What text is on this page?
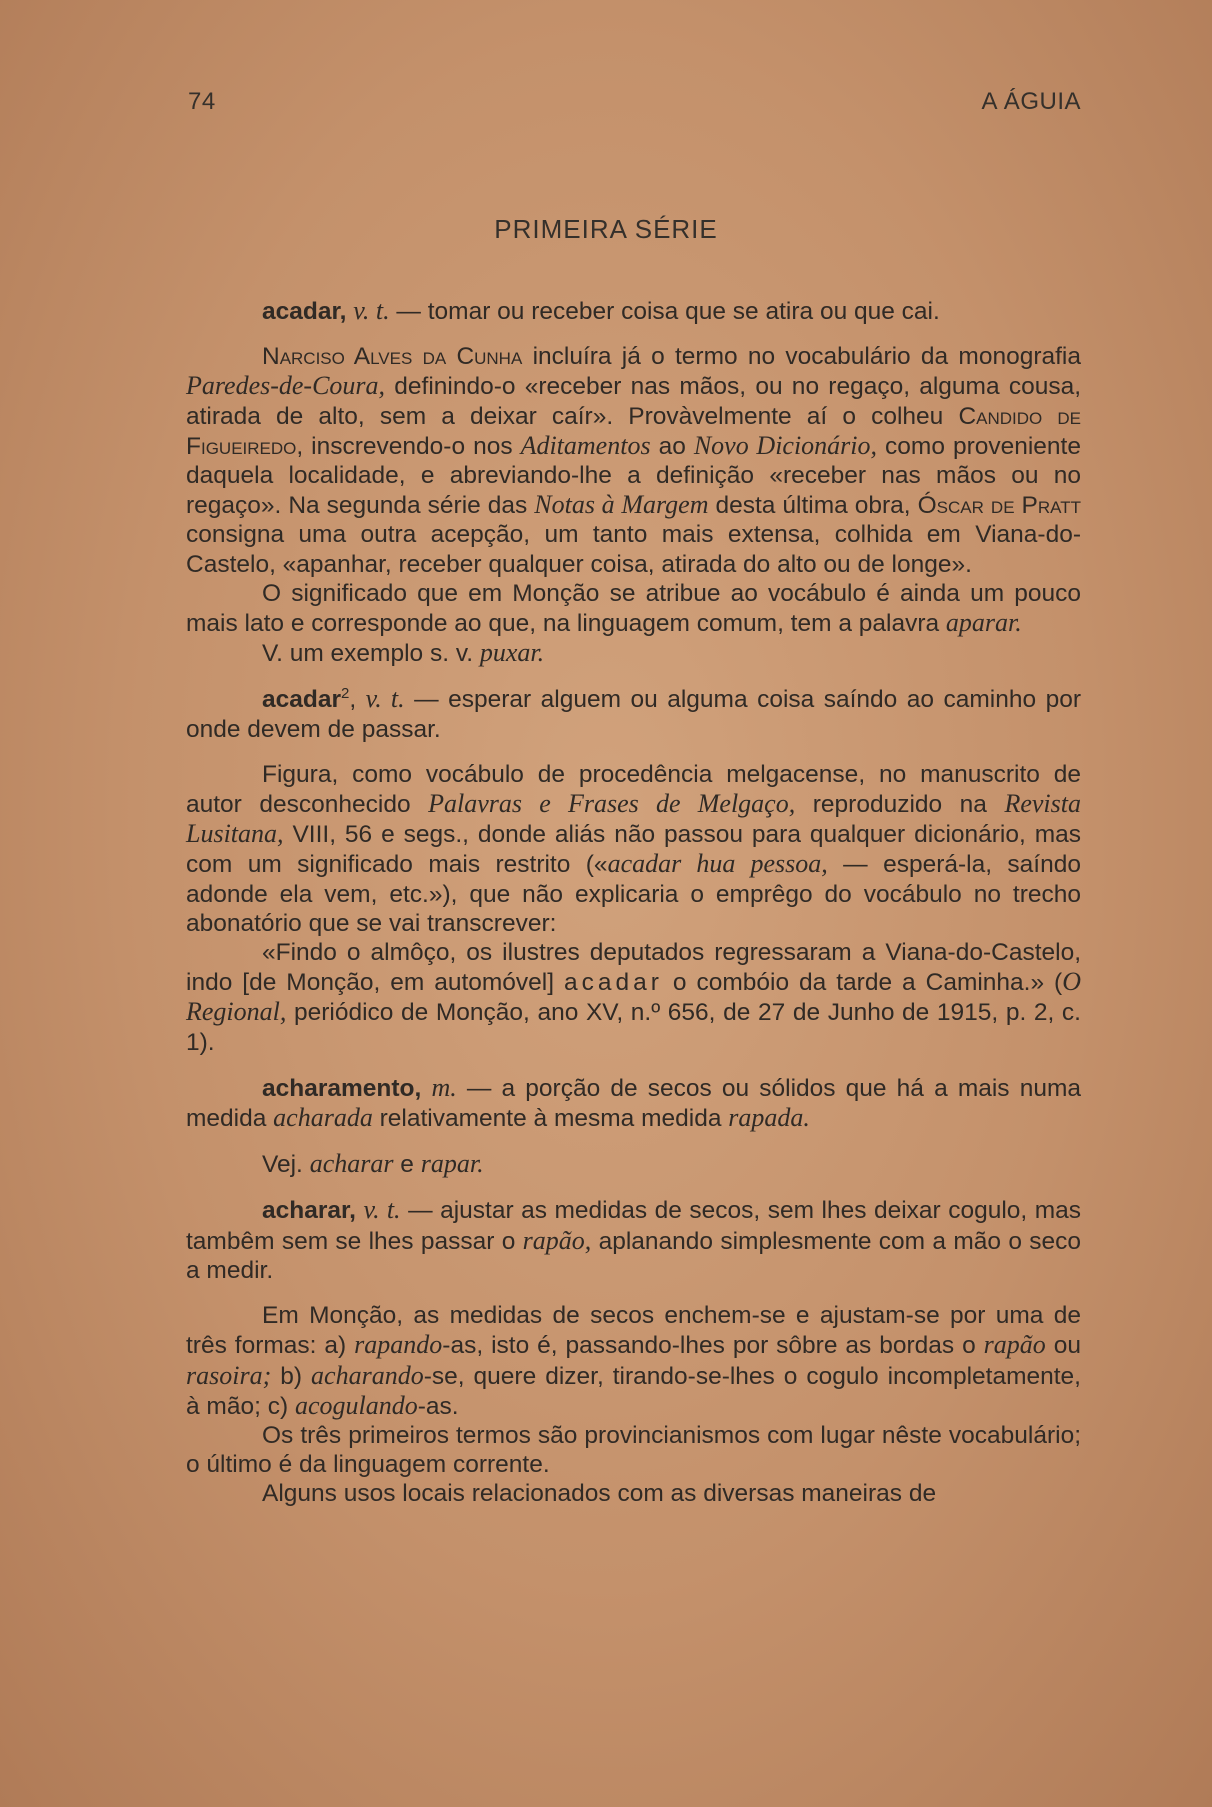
74	A ÁGUIA
PRIMEIRA SÉRIE

acadar, v. t. — tomar ou receber coisa que se atira ou que cai.

Narciso Alves da Cunha incluíra já o termo no vocabulário da monografia Paredes-de-Coura, definindo-o «receber nas mãos, ou no regaço, alguma cousa, atirada de alto, sem a deixar caír». Provàvelmente aí o colheu Candido de Figueiredo, inscrevendo-o nos Aditamentos ao Novo Dicionário, como proveniente daquela localidade, e abreviando-lhe a definição «receber nas mãos ou no regaço». Na segunda série das Notas à Margem desta última obra, Óscar de Pratt consigna uma outra acepção, um tanto mais extensa, colhida em Viana-do-Castelo, «apanhar, receber qualquer coisa, atirada do alto ou de longe».

O significado que em Monção se atribue ao vocábulo é ainda um pouco mais lato e corresponde ao que, na linguagem comum, tem a palavra aparar.

V. um exemplo s. v. puxar.

acadar$^2$, v. t. — esperar alguem ou alguma coisa saíndo ao caminho por onde devem de passar.

Figura, como vocábulo de procedência melgacense, no manuscrito de autor desconhecido Palavras e Frases de Melgaço, reproduzido na Revista Lusitana, VIII, 56 e segs., donde aliás não passou para qualquer dicionário, mas com um significado mais restrito («acadar hua pessoa, — esperá-la, saíndo adonde ela vem, etc.»), que não explicaria o emprêgo do vocábulo no trecho abonatório que se vai transcrever:

«Findo o almôço, os ilustres deputados regressaram a Viana-do-Castelo, indo [de Monção, em automóvel] acadar o combóio da tarde a Caminha.» (O Regional, periódico de Monção, ano XV, n.º 656, de 27 de Junho de 1915, p. 2, c. 1).

acharamento, m. — a porção de secos ou sólidos que há a mais numa medida acharada relativamente à mesma medida rapada.

Vej. acharar e rapar.

acharar, v. t. — ajustar as medidas de secos, sem lhes deixar cogulo, mas tambêm sem se lhes passar o rapão, aplanando simplesmente com a mão o seco a medir.

Em Monção, as medidas de secos enchem-se e ajustam-se por uma de três formas: a) rapando-as, isto é, passando-lhes por sôbre as bordas o rapão ou rasoira; b) acharando-se, quere dizer, tirando-se-lhes o cogulo incompletamente, à mão; c) acogulando-as.

Os três primeiros termos são provincianismos com lugar nêste vocabulário; o último é da linguagem corrente.

Alguns usos locais relacionados com as diversas maneiras de
